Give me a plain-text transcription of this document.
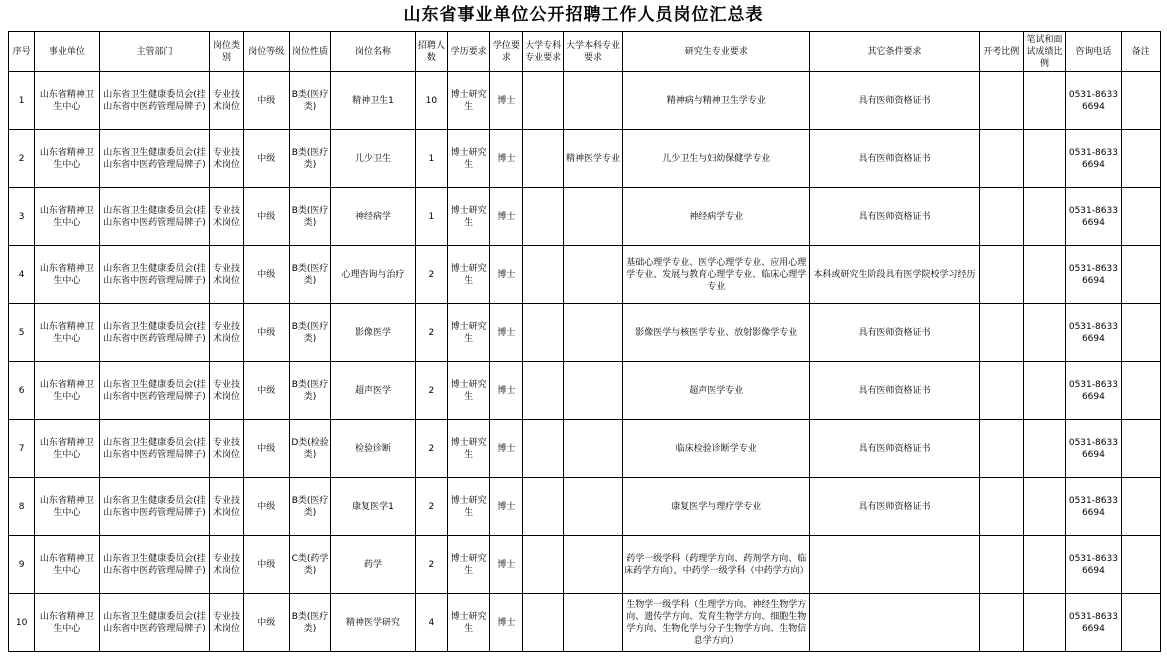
山东省事业单位公开招聘工作人员岗位汇总表
序号	事业单位	主管部门	岗位类别	岗位等级	岗位性质	岗位名称	招聘人数	学历要求	学位要求	大学专科专业要求	大学本科专业要求	研究生专业要求	其它条件要求	开考比例	笔试和面试成绩比例	咨询电话	备注
1	山东省精神卫生中心	山东省卫生健康委员会(挂山东省中医药管理局牌子)	专业技术岗位	中级	B类(医疗类)	精神卫生1	10	博士研究生	博士			精神病与精神卫生学专业	具有医师资格证书			0531-86336694	
2	山东省精神卫生中心	山东省卫生健康委员会(挂山东省中医药管理局牌子)	专业技术岗位	中级	B类(医疗类)	儿少卫生	1	博士研究生	博士		精神医学专业	儿少卫生与妇幼保健学专业	具有医师资格证书			0531-86336694	
3	山东省精神卫生中心	山东省卫生健康委员会(挂山东省中医药管理局牌子)	专业技术岗位	中级	B类(医疗类)	神经病学	1	博士研究生	博士			神经病学专业	具有医师资格证书			0531-86336694	
4	山东省精神卫生中心	山东省卫生健康委员会(挂山东省中医药管理局牌子)	专业技术岗位	中级	B类(医疗类)	心理咨询与治疗	2	博士研究生	博士			基础心理学专业、医学心理学专业、应用心理学专业、发展与教育心理学专业、临床心理学专业	本科或研究生阶段具有医学院校学习经历			0531-86336694	
5	山东省精神卫生中心	山东省卫生健康委员会(挂山东省中医药管理局牌子)	专业技术岗位	中级	B类(医疗类)	影像医学	2	博士研究生	博士			影像医学与核医学专业、放射影像学专业	具有医师资格证书			0531-86336694	
6	山东省精神卫生中心	山东省卫生健康委员会(挂山东省中医药管理局牌子)	专业技术岗位	中级	B类(医疗类)	超声医学	2	博士研究生	博士			超声医学专业	具有医师资格证书			0531-86336694	
7	山东省精神卫生中心	山东省卫生健康委员会(挂山东省中医药管理局牌子)	专业技术岗位	中级	D类(检验类)	检验诊断	2	博士研究生	博士			临床检验诊断学专业	具有医师资格证书			0531-86336694	
8	山东省精神卫生中心	山东省卫生健康委员会(挂山东省中医药管理局牌子)	专业技术岗位	中级	B类(医疗类)	康复医学1	2	博士研究生	博士			康复医学与理疗学专业	具有医师资格证书			0531-86336694	
9	山东省精神卫生中心	山东省卫生健康委员会(挂山东省中医药管理局牌子)	专业技术岗位	中级	C类(药学类)	药学	2	博士研究生	博士			药学一级学科（药理学方向、药剂学方向、临床药学方向），中药学一级学科（中药学方向）				0531-86336694	
10	山东省精神卫生中心	山东省卫生健康委员会(挂山东省中医药管理局牌子)	专业技术岗位	中级	B类(医疗类)	精神医学研究	4	博士研究生	博士			生物学一级学科（生理学方向、神经生物学方向、遗传学方向、发育生物学方向、细胞生物学方向、生物化学与分子生物学方向、生物信息学方向）				0531-86336694	
